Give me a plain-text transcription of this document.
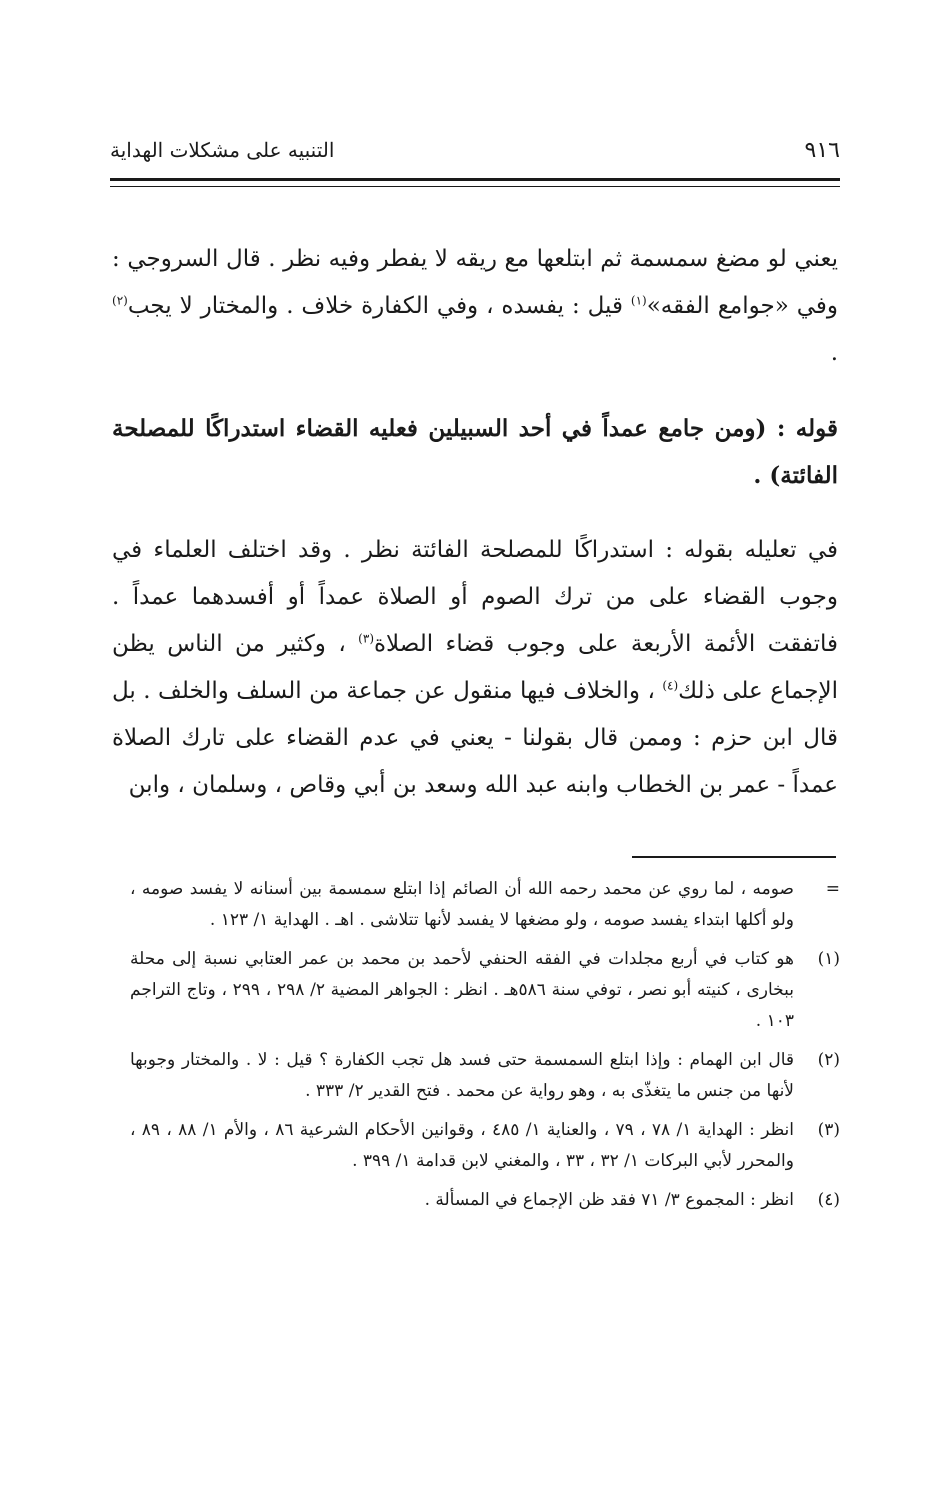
التنبيه على مشكلات الهداية	٩١٦

يعني لو مضغ سمسمة ثم ابتلعها مع ريقه لا يفطر وفيه نظر . قال السروجي : وفي «جوامع الفقه»$^{(١)}$ قيل : يفسده ، وفي الكفارة خلاف . والمختار لا يجب$^{(٢)}$ .

قوله : (ومن جامع عمداً في أحد السبيلين فعليه القضاء استدراكًا للمصلحة الفائتة) .

في تعليله بقوله : استدراكًا للمصلحة الفائتة نظر . وقد اختلف العلماء في وجوب القضاء على من ترك الصوم أو الصلاة عمداً أو أفسدهما عمداً . فاتفقت الأئمة الأربعة على وجوب قضاء الصلاة$^{(٣)}$ ، وكثير من الناس يظن الإجماع على ذلك$^{(٤)}$ ، والخلاف فيها منقول عن جماعة من السلف والخلف . بل قال ابن حزم : وممن قال بقولنا - يعني في عدم القضاء على تارك الصلاة عمداً - عمر بن الخطاب وابنه عبد الله وسعد بن أبي وقاص ، وسلمان ، وابن

=
صومه ، لما روي عن محمد رحمه الله أن الصائم إذا ابتلع سمسمة بين أسنانه لا يفسد صومه ، ولو أكلها ابتداء يفسد صومه ، ولو مضغها لا يفسد لأنها تتلاشى . اهـ . الهداية ١/ ١٢٣ .
(١)
هو كتاب في أربع مجلدات في الفقه الحنفي لأحمد بن محمد بن عمر العتابي نسبة إلى محلة ببخارى ، كنيته أبو نصر ، توفي سنة ٥٨٦هـ . انظر : الجواهر المضية ٢/ ٢٩٨ ، ٢٩٩ ، وتاج التراجم ١٠٣ .
(٢)
قال ابن الهمام : وإذا ابتلع السمسمة حتى فسد هل تجب الكفارة ؟ قيل : لا . والمختار وجوبها لأنها من جنس ما يتغذّى به ، وهو رواية عن محمد . فتح القدير ٢/ ٣٣٣ .
(٣)
انظر : الهداية ١/ ٧٨ ، ٧٩ ، والعناية ١/ ٤٨٥ ، وقوانين الأحكام الشرعية ٨٦ ، والأم ١/ ٨٨ ، ٨٩ ، والمحرر لأبي البركات ١/ ٣٢ ، ٣٣ ، والمغني لابن قدامة ١/ ٣٩٩ .
(٤)
انظر : المجموع ٣/ ٧١ فقد ظن الإجماع في المسألة .
